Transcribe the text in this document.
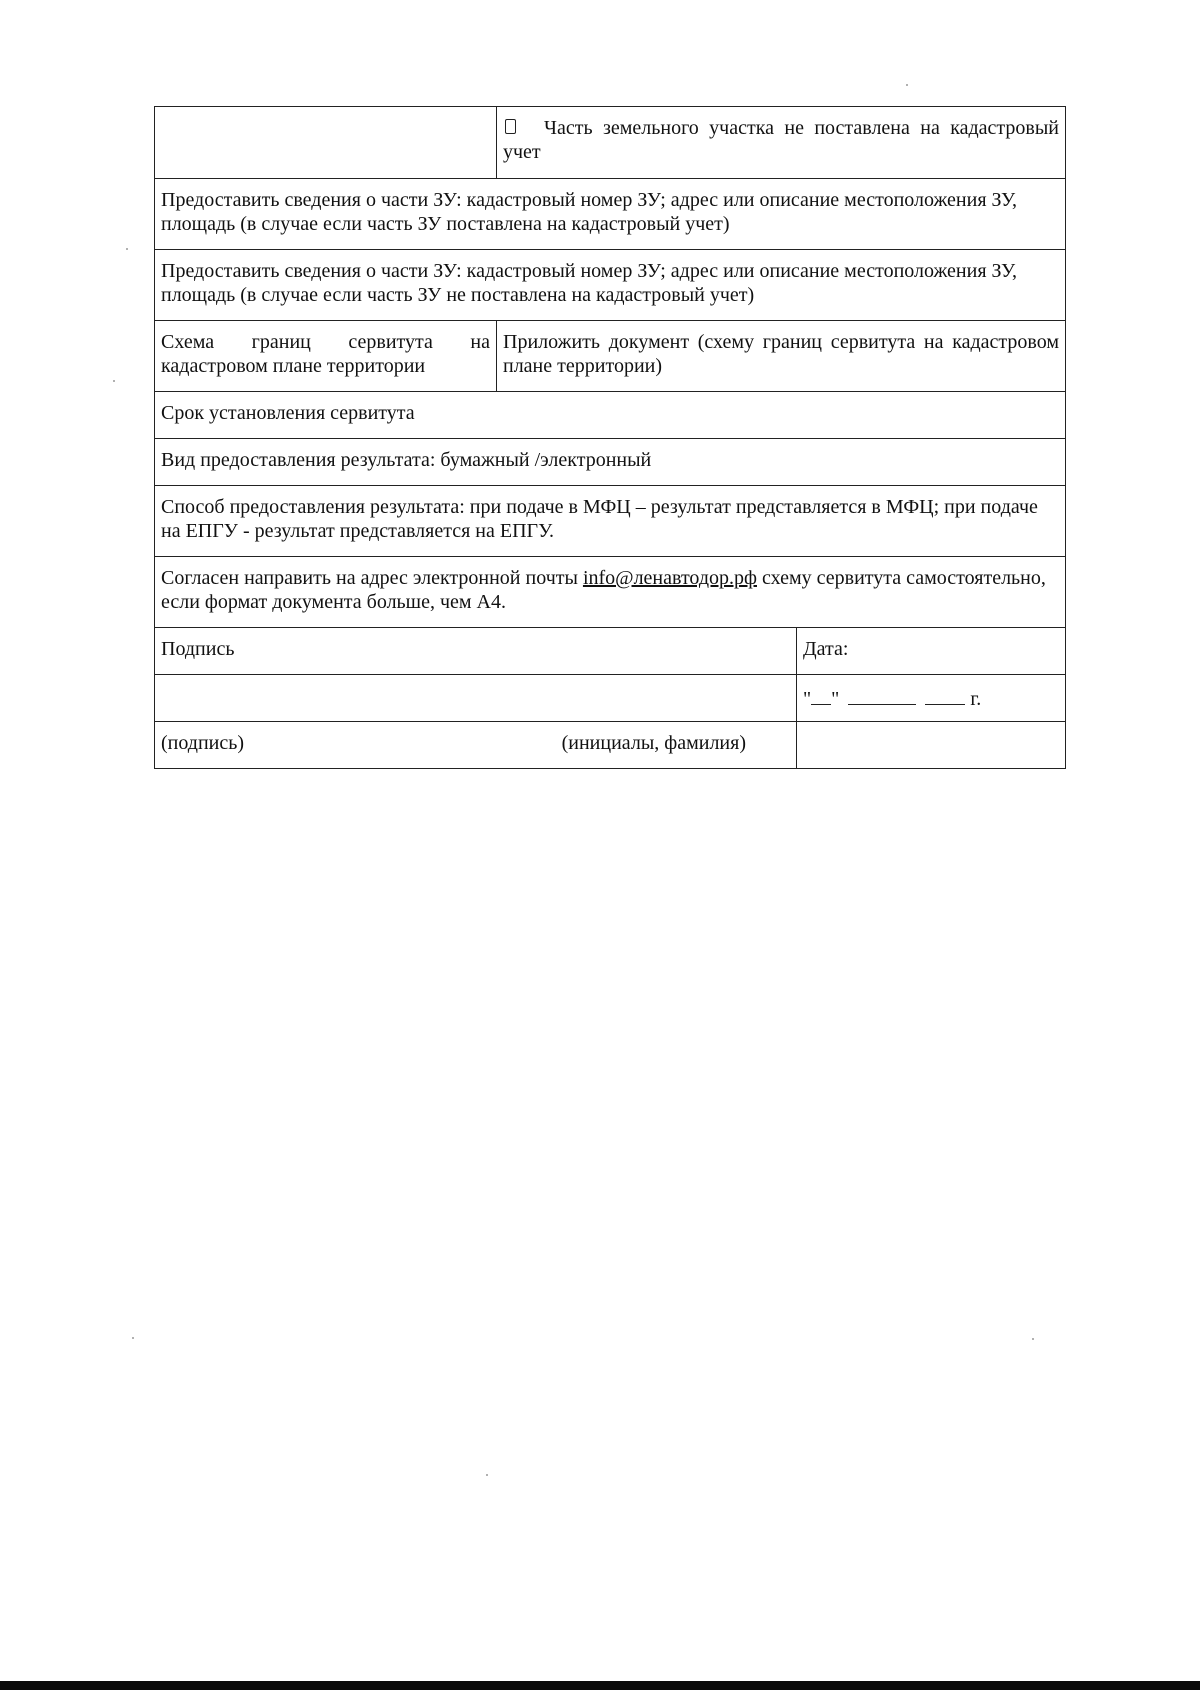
	Часть земельного участка не поставлена на кадастровый учет	
Предоставить сведения о части ЗУ: кадастровый номер ЗУ; адрес или описание местоположения ЗУ, площадь (в случае если часть ЗУ поставлена на кадастровый учет)		
Предоставить сведения о части ЗУ: кадастровый номер ЗУ; адрес или описание местоположения ЗУ, площадь (в случае если часть ЗУ не поставлена на кадастровый учет)		
Схема границ сервитута на кадастровом плане территории	Приложить документ (схему границ сервитута на кадастровом плане территории)	
Срок установления сервитута		
Вид предоставления результата: бумажный /электронный		
Способ предоставления результата: при подаче в МФЦ – результат представляется в МФЦ; при подаче на ЕПГУ - результат представляется на ЕПГУ.		
Согласен направить на адрес электронной почты info@ленавтодор.рф схему сервитута самостоятельно, если формат документа больше, чем А4.		
Подпись		Дата:
		" " г.

(подпись) (инициалы, фамилия)		
